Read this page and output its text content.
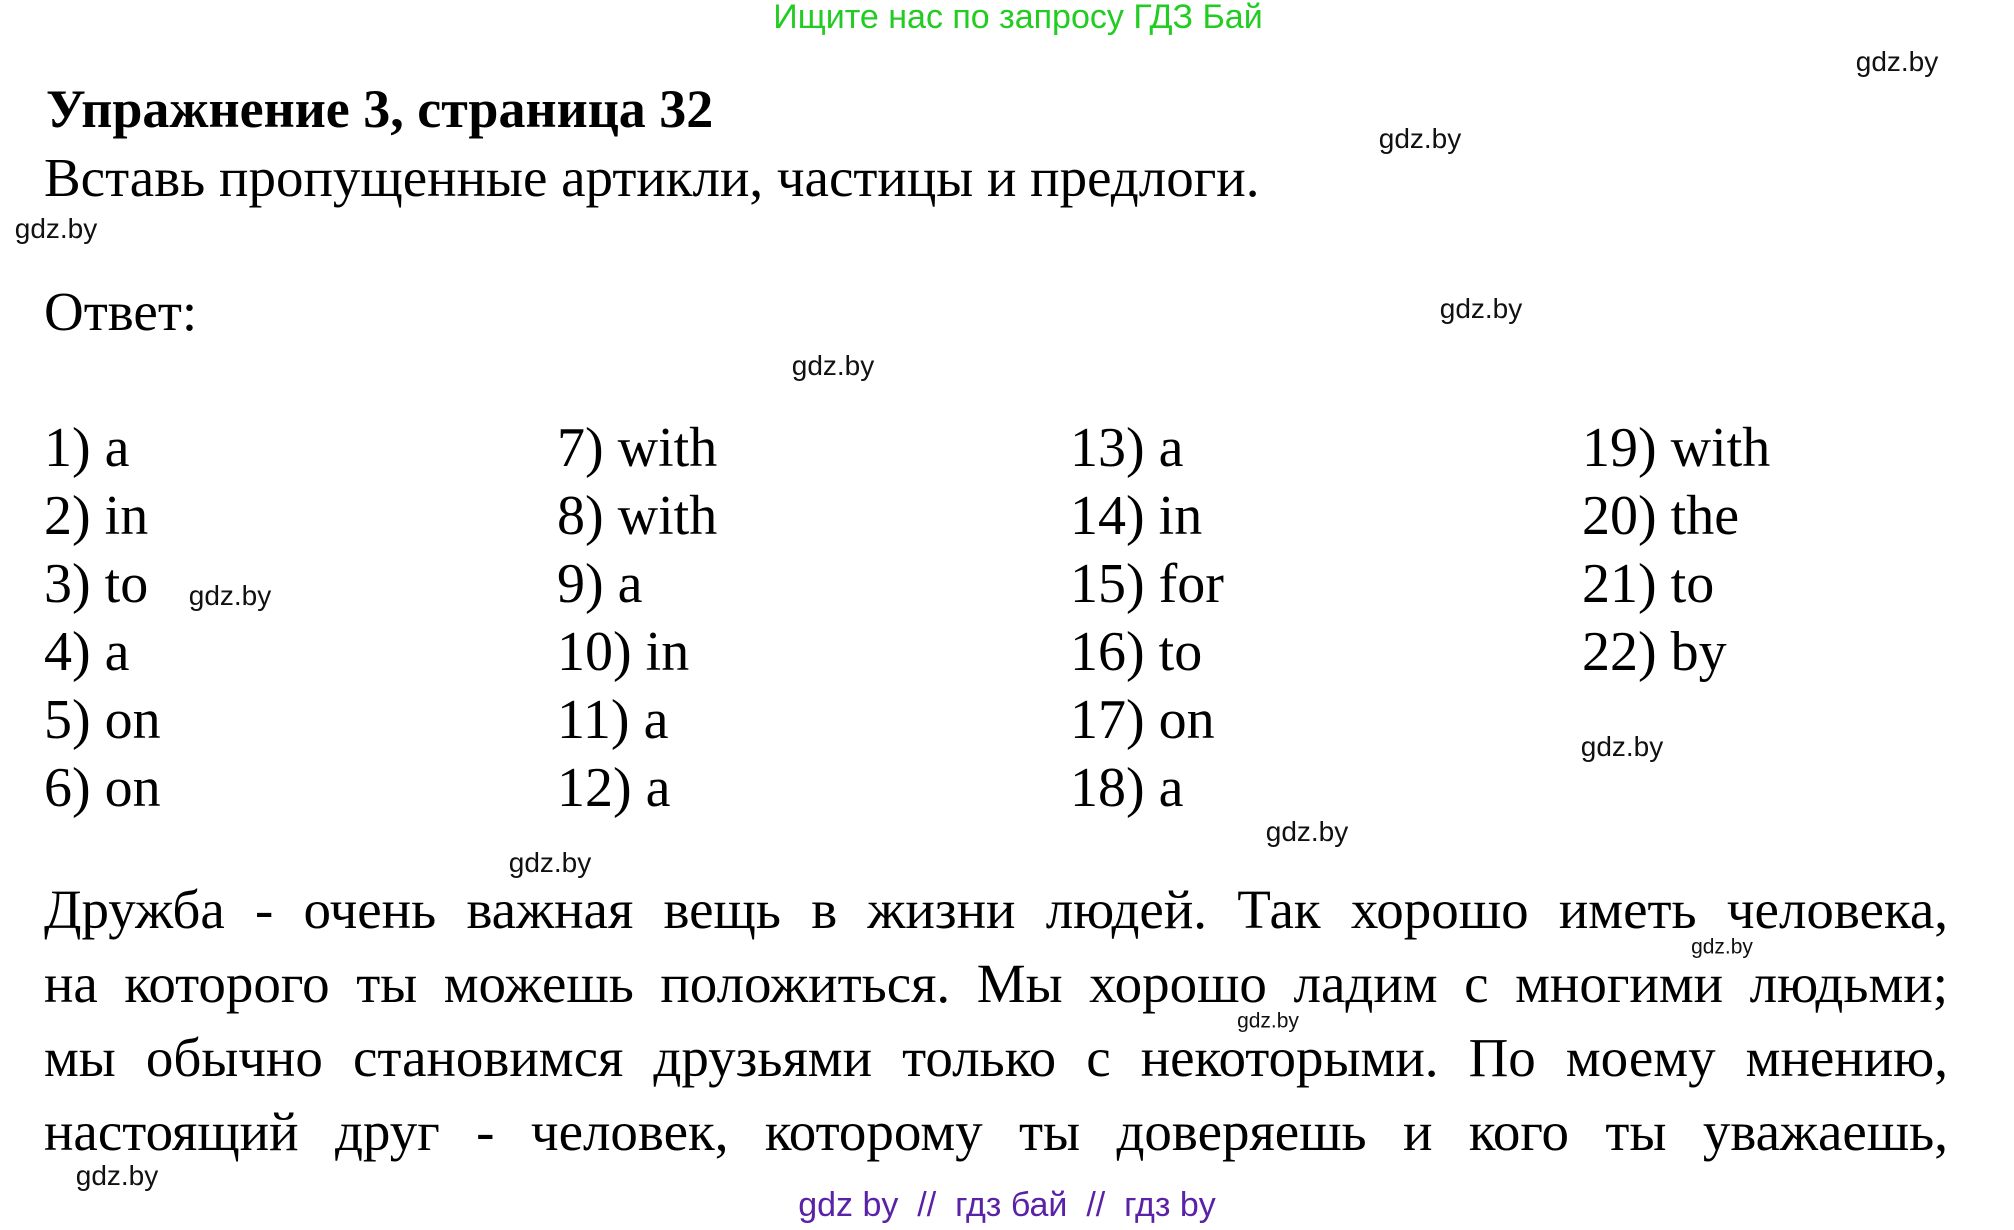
Ищите нас по запросу ГДЗ Бай
Упражнение 3, страница 32
Вставь пропущенные артикли, частицы и предлоги.
Ответ:
1) a
2) in
3) to
4) a
5) on
6) on
7) with
8) with
9) a
10) in
11) a
12) a
13) a
14) in
15) for
16) to
17) on
18) a
19) with
20) the
21) to
22) by
Дружба - очень важная вещь в жизни людей. Так хорошо иметь человека,
на которого ты можешь положиться. Мы хорошо ладим с многими людьми;
мы обычно становимся друзьями только с некоторыми. По моему мнению,
настоящий друг - человек, которому ты доверяешь и кого ты уважаешь,
gdz.by
gdz.by
gdz.by
gdz.by
gdz.by
gdz.by
gdz.by
gdz.by
gdz.by
gdz.by
gdz.by
gdz.by
gdz by  //  гдз бай  //  гдз by
